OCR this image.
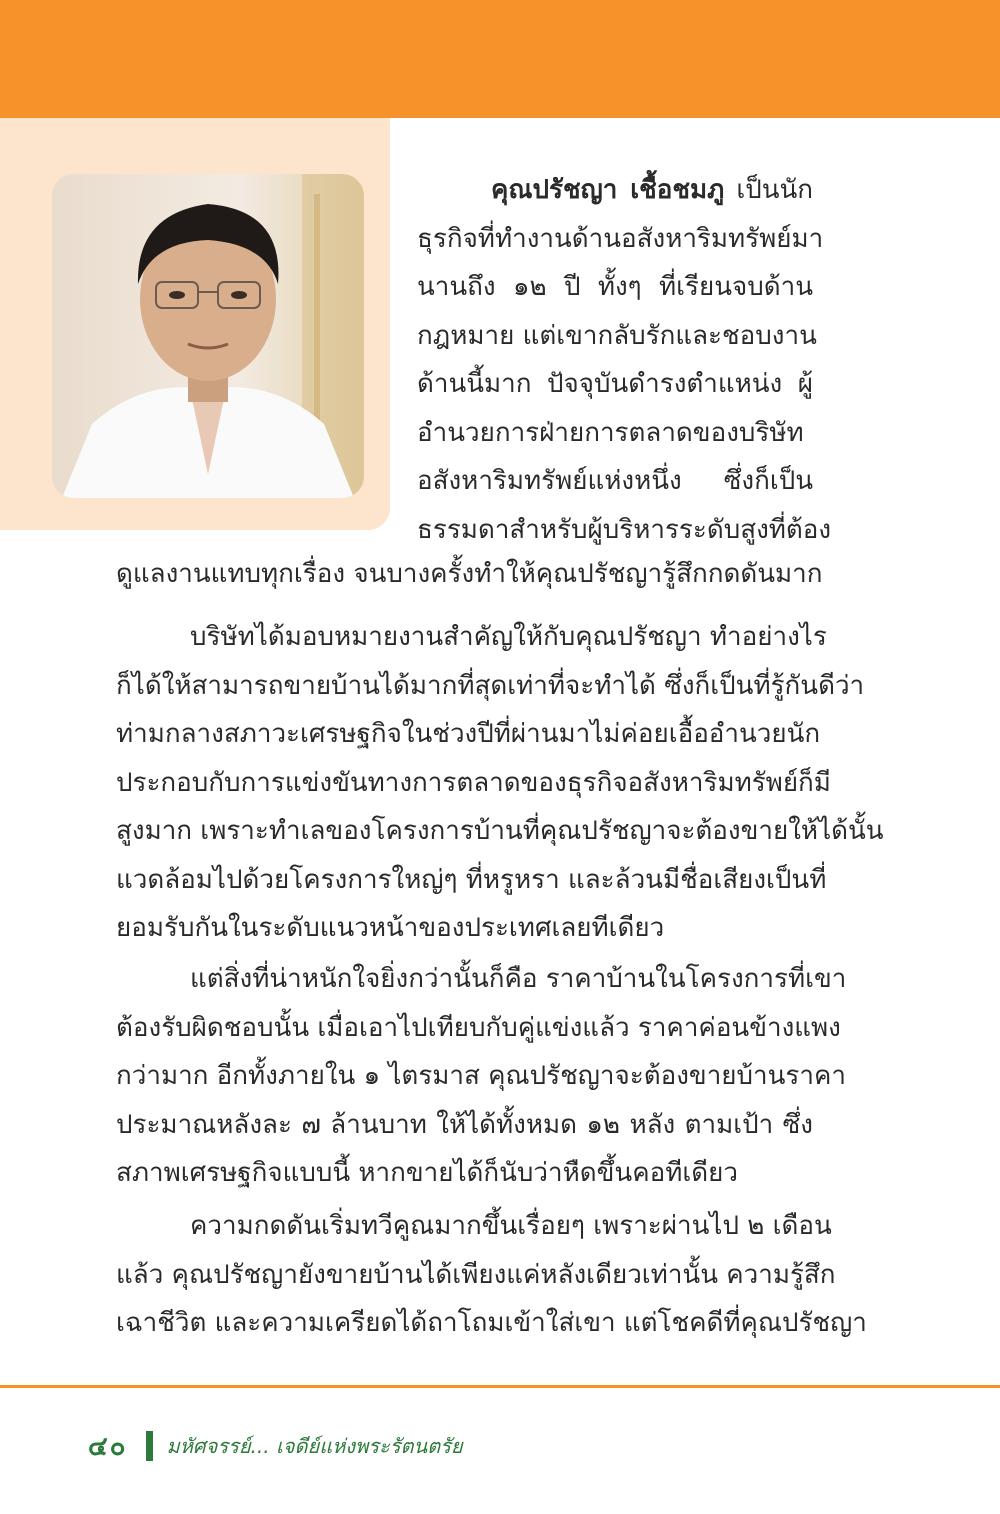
คุณปรัชญา เชื้อชมภู เป็นนัก
ธุรกิจที่ทำงานด้านอสังหาริมทรัพย์มา
นานถึง ๑๒ ปี ทั้งๆ ที่เรียนจบด้าน
กฎหมาย แต่เขากลับรักและชอบงาน
ด้านนี้มาก ปัจจุบันดำรงตำแหน่ง ผู้
อำนวยการฝ่ายการตลาดของบริษัท
อสังหาริมทรัพย์แห่งหนึ่ง ซึ่งก็เป็น
ธรรมดาสำหรับผู้บริหารระดับสูงที่ต้อง
ดูแลงานแทบทุกเรื่อง จนบางครั้งทำให้คุณปรัชญารู้สึกกดดันมาก
บริษัทได้มอบหมายงานสำคัญให้กับคุณปรัชญา ทำอย่างไร
ก็ได้ให้สามารถขายบ้านได้มากที่สุดเท่าที่จะทำได้ ซึ่งก็เป็นที่รู้กันดีว่า
ท่ามกลางสภาวะเศรษฐกิจในช่วงปีที่ผ่านมาไม่ค่อยเอื้ออำนวยนัก
ประกอบกับการแข่งขันทางการตลาดของธุรกิจอสังหาริมทรัพย์ก็มี
สูงมาก เพราะทำเลของโครงการบ้านที่คุณปรัชญาจะต้องขายให้ได้นั้น
แวดล้อมไปด้วยโครงการใหญ่ๆ ที่หรูหรา และล้วนมีชื่อเสียงเป็นที่
ยอมรับกันในระดับแนวหน้าของประเทศเลยทีเดียว
แต่สิ่งที่น่าหนักใจยิ่งกว่านั้นก็คือ ราคาบ้านในโครงการที่เขา
ต้องรับผิดชอบนั้น เมื่อเอาไปเทียบกับคู่แข่งแล้ว ราคาค่อนข้างแพง
กว่ามาก อีกทั้งภายใน ๑ ไตรมาส คุณปรัชญาจะต้องขายบ้านราคา
ประมาณหลังละ ๗ ล้านบาท ให้ได้ทั้งหมด ๑๒ หลัง ตามเป้า ซึ่ง
สภาพเศรษฐกิจแบบนี้ หากขายได้ก็นับว่าหืดขึ้นคอทีเดียว
ความกดดันเริ่มทวีคูณมากขึ้นเรื่อยๆ เพราะผ่านไป ๒ เดือน
แล้ว คุณปรัชญายังขายบ้านได้เพียงแค่หลังเดียวเท่านั้น ความรู้สึก
เฉาชีวิต และความเครียดได้ถาโถมเข้าใส่เขา แต่โชคดีที่คุณปรัชญา
๔๐ มหัศจรรย์... เจดีย์แห่งพระรัตนตรัย
